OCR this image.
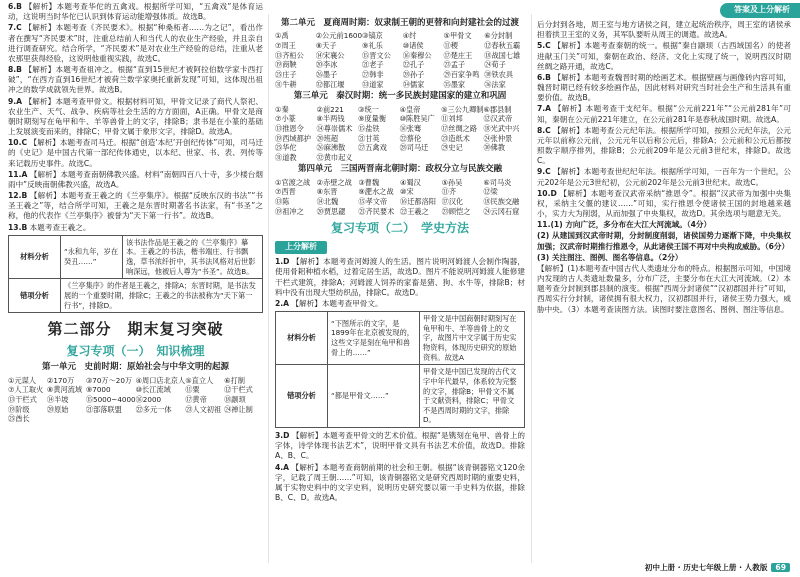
答案及上分解析
6.B 【解析】本题考查华佗的五禽戏。根据所学可知，“五禽戏”是体育运动，这说明当时华佗已认识到体育运动能增强体质。故选B。
7.C 【解析】本题考查《齐民要术》。根据“种桑柘者……为之记”，看出作者在撰写“齐民要术”时，注重总结前人和当代人的农业生产经验，并且亲自进行调查研究。结合所学，“齐民要术”是对农业生产经验的总结，注重从老农那里获得经验，这说明他重视实践，故选C。
8.B 【解析】本题考查祖冲之。根据“直到15世纪才被阿拉伯数学家卡西打破”，“在西方直到16世纪才被荷兰数学家奥托重新发现”可知，这体现出祖冲之的数学成就领先世界。故选B。
9.A 【解析】本题考查甲骨文。根据材料可知，甲骨文记录了商代人祭祀、农业生产、天气、战争、疾病等社会生活的方方面面，A正确。甲骨文是商朝时期刻写在龟甲和牛、羊等兽骨上的文字，排除B；隶书是在小篆的基础上发展演变而来的，排除C；甲骨文属于象形文字，排除D。故选A。
10.C 【解析】本题考查司马迁。根据“创造‘本纪’开创纪传体”可知，司马迁的《史记》是中国古代第一部纪传体通史，以本纪、世家、书、表、列传等来记载历史事件。故选C。
11.A 【解析】本题考查南朝佛教兴盛。材料“南朝四百八十寺，多少楼台烟雨中”反映南朝佛教兴盛，故选A。
12.B 【解析】本题考查王羲之的《兰亭集序》。根据“反映东汉的书法”“书圣王羲之”等，结合所学可知，王羲之是东晋时期著名书法家，有“书圣”之称，他的代表作《兰亭集序》被誉为“天下第一行书”。故选B。
13.B 本题考查王羲之。
材料分析	“永和九年，岁在癸丑……”	该书法作品是王羲之的《兰亭集序》摹本。王羲之的书法，楷书端庄、行书飘逸，草书浓纤折中，其书法风格对后世影响深远，他被后人尊为“书圣”。故选B。
错项分析	《兰亭集序》的作者是王羲之，排除A；东晋时期，是书法发展的一个重要时期，排除C；王羲之的书法被称为“天下第一行书”，排除D。	
第二部分　期末复习突破
复习专项（一）　知识梳理
第一单元　史前时期：原始社会与中华文明的起源
①元谋人	②170万	③70万～20万 ④周口店北京人 ⑤直立人	⑥打制
⑦人工取火 ⑧黄河流域 ⑨7000	⑩长江流域	⑪粟	⑫干栏式
⑬干栏式	⑭半坡	⑮5000~4000 ⑯2000	⑰黄帝	⑱颛顼
⑲阶级	⑳原始	㉑部落联盟	㉒多元一体	㉓人文初祖 ㉔禅让制
㉕酋长
第二单元　夏商周时期：奴隶制王朝的更替和向封建社会的过渡
①禹	②公元前1600 ③镐京	④纣	⑤甲骨文	⑥分封制
⑦周王	⑧天子	⑨礼乐	⑩诸侯	⑪稷	⑫春秋五霸
⑬齐桓公	⑭宋襄公	⑮晋文公	⑯秦穆公	⑰楚庄王	⑱战国七雄
⑲商鞅	⑳李冰	㉑老子	㉒孔子	㉓孟子	㉔荀子
㉕庄子	㉖墨子	㉗韩非	㉘孙子	㉙百家争鸣 ㉚铁农具
㉛牛耕	㉜都江堰	㉝道家	㉞儒家	㉟墨家	㊱法家
第三单元　秦汉时期：统一多民族封建国家的建立和巩固
①秦	②前221	③统一	④皇帝	⑤三公九卿制 ⑥郡县制
⑦小篆	⑧半两钱	⑨度量衡	⑩陈胜吴广 ⑪刘邦	⑫汉武帝
⑬推恩令	⑭尊崇儒术 ⑮盐铁	⑯张骞	⑰丝绸之路 ⑱光武中兴
⑲西域都护 ⑳班超	㉑甘英	㉒蔡伦	㉓造纸术	㉔张仲景
㉕华佗	㉖麻沸散	㉗五禽戏	㉘司马迁	㉙史记	㉚佛教
㉛道教	㉜黄巾起义
第四单元　三国两晋南北朝时期：政权分立与民族交融
①官渡之战 ②赤壁之战 ③曹魏	④蜀汉	⑤孙吴	⑥司马炎
⑦西晋	⑧东晋	⑨淝水之战 ⑩宋	⑪齐	⑫梁
⑬陈	⑭北魏	⑮孝文帝	⑯迁都洛阳 ⑰汉化	⑱民族交融
⑲祖冲之	⑳贾思勰	㉑齐民要术 ㉒王羲之	㉓顾恺之	㉔云冈石窟
复习专项（二）　学史方法
上分解析
1.D 【解析】本题考查河姆渡人的生活。图片说明河姆渡人会制作陶器，使用骨耜种植水稻，过着定居生活，故选D。图片不能说明河姆渡人能修建干栏式建筑，排除A；河姆渡人饲养的家畜是猪、狗、水牛等，排除B；材料中没有出现大型纺织品，排除C。故选D。
2.A 【解析】本题考查甲骨文。
材料分析	“下图所示的文字，是1899年在北京被发现的，这些文字是刻在龟甲和兽骨上的……”	甲骨文是中国商朝时期刻写在龟甲和牛、羊等兽骨上的文字，故图片中文字属于历史实物资料，体现历史研究的原始资料。故选A
错项分析	“都是甲骨文……”	甲骨文是中国已发现的古代文字中年代最早，体系较为完整的文字，排除B；甲骨文不属于文献资料，排除C；甲骨文不是西周时期的文字，排除D。
3.D 【解析】本题考查甲骨文的艺术价值。根据“是镌刻在龟甲、兽骨上的字体，诗学体现书法艺术”，说明甲骨文具有书法艺术价值，故选D。排除A、B、C。
4.A 【解析】本题考查商朝前期的社会和王朝。根据“该青铜器铭文120余字，记载了周王朝……”可知，该青铜器铭文是研究西周时期的重要史料，属于实物史料中的文字史料，说明历史研究要以第一手史料为依据，排除B、C、D。故选A。
后分封到各地，周王室与地方诸侯之间，建立起统治秩序，周王室的诸侯承担着拱卫王室的义务，其军队要听从周王的调遣。故选A。
5.C 【解析】本题考查秦朝的统一。根据“秦自颛顼（古西域国名）的使者进献玉门关”可知，秦朝在政治、经济、文化上实现了统一，说明西汉时期丝绸之路开通，故选C。
6.B 【解析】本题考查魏晋时期的绘画艺术。根据壁画与画像砖内容可知，魏晋时期已经有较多绘画作品，因此材料对研究当时社会生产和生活具有重要价值。故选B。
7.A 【解析】本题考查干支纪年。根据“公元前221年”“公元前281年”可知，秦朝在公元前221年建立，在公元前281年是春秋战国时期。故选A。
8.C 【解析】本题考查公元纪年法。根据所学可知，按照公元纪年法，公元元年以前称公元前，公元元年以后称公元后，排除A；公元前和公元后都按照数字顺序排列，排除B；公元前209年是公元前3世纪末，排除D。故选C。
9.C 【解析】本题考查世纪纪年法。根据所学可知，一百年为一个世纪，公元202年是公元3世纪初，公元前202年是公元前3世纪末。故选C。
10.D 【解析】本题考查汉武帝采纳“推恩令”。根据“汉武帝为加强中央集权，采纳主父偃的建议……”可知，实行推恩令使诸侯王国的封地越来越小，实力大为削弱，从而加强了中央集权，故选D。其余选项与题意无关。
11.(1) 方向广泛，多分布在大江大河流域。（4分）
(2) 从建国到汉武帝时期，分封制度削弱，诸侯国势力逐渐下降，中央集权加强；汉武帝时期推行推恩令，从此诸侯王国不再对中央构成威胁。（6分）
(3) 关注图注、图例、图名等信息。（2分）
【解析】(1)本题考查中国古代人类遗址分布的特点。根据图示可知，中国境内发现的古人类遗址数量多，分布广泛，主要分布在大江大河流域。（2）本题考查分封制到郡县制的演变。根据“西周分封诸侯”“汉初郡国并行”可知，西周实行分封制，诸侯拥有很大权力，汉初郡国并行，诸侯王势力强大，威胁中央。（3）本题考查读图方法。读图时要注意图名、图例、图注等信息。
初中上册 · 历史七年级上册 · 人教版 69
